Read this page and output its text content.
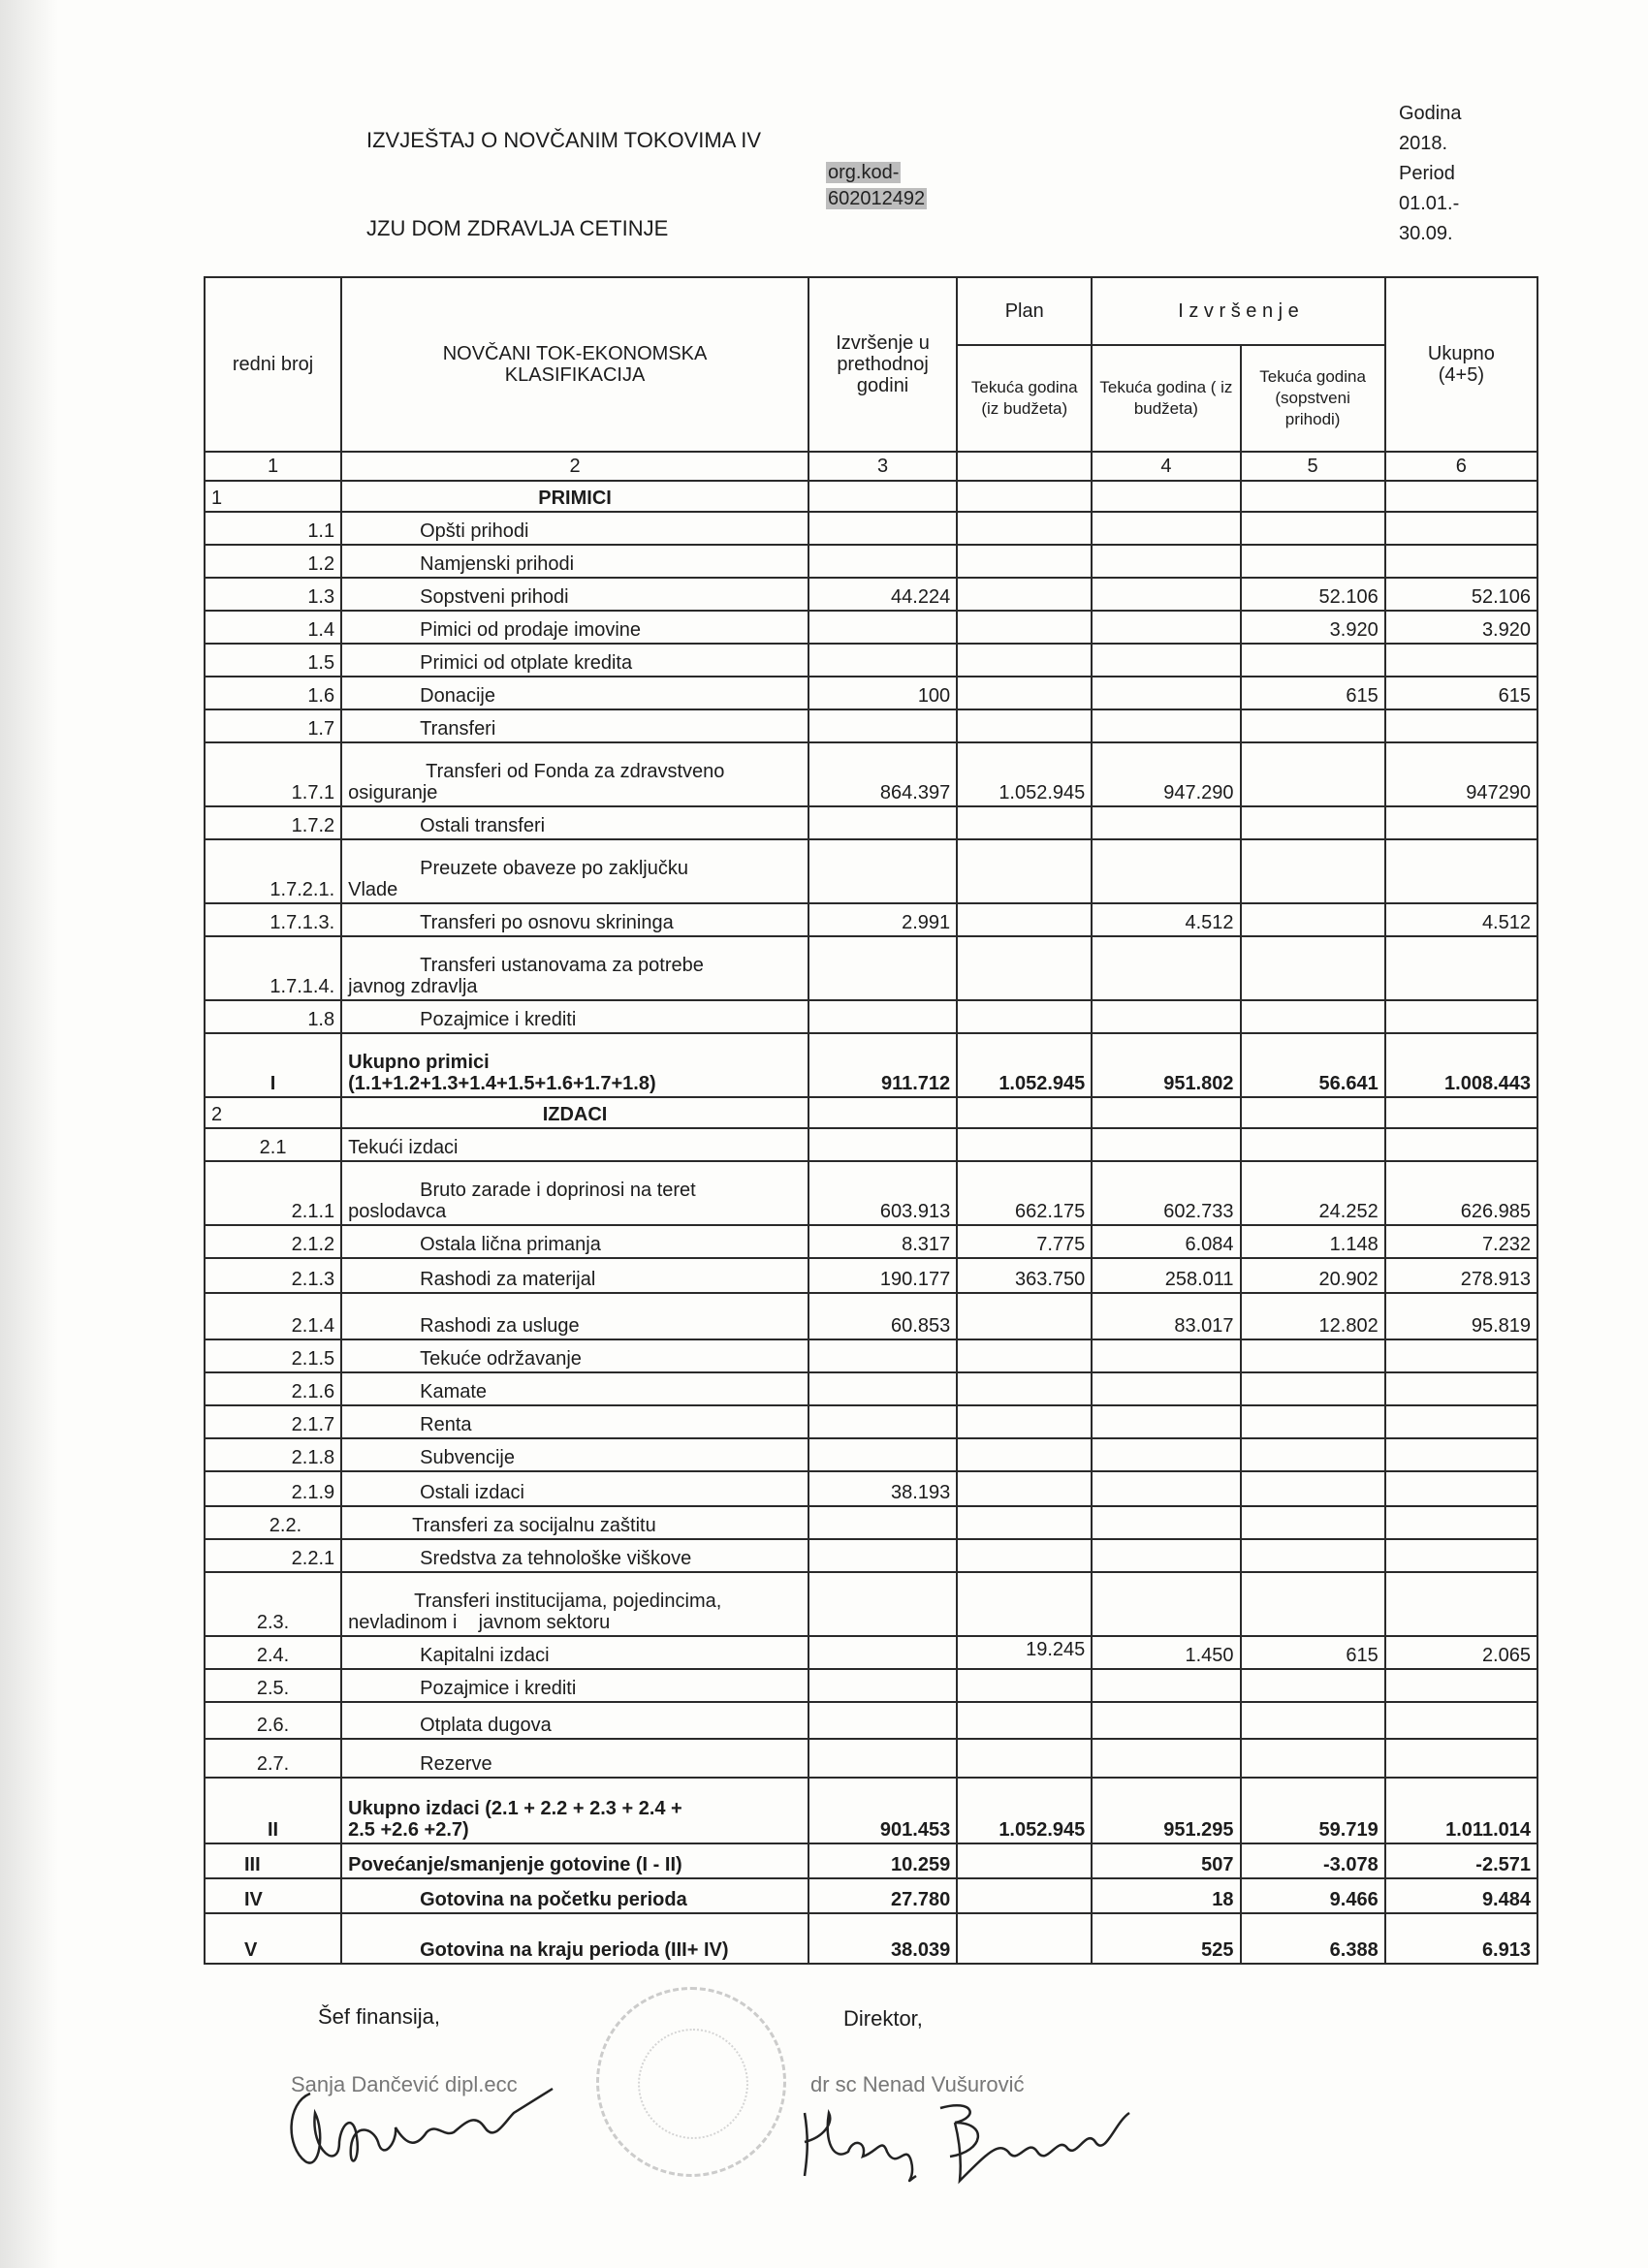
IZVJEŠTAJ O NOVČANIM TOKOVIMA IV
JZU DOM ZDRAVLJA CETINJE
org.kod-
602012492
Godina
2018.
Period
01.01.-
30.09.
redni broj	NOVČANI TOK-EKONOMSKA KLASIFIKACIJA	Izvršenje u prethodnoj godini	Plan	I z v r š e n j e		Ukupno (4+5)
			Tekuća godina (iz budžeta)	Tekuća godina ( iz budžeta)	Tekuća godina (sopstveni prihodi)	
1	2	3		4	5	6
1	PRIMICI					
1.1	Opšti prihodi					
1.2	Namjenski prihodi					
1.3	Sopstveni prihodi	44.224			52.106	52.106
1.4	Pimici od prodaje imovine				3.920	3.920
1.5	Primici od otplate kredita					
1.6	Donacije	100			615	615
1.7	Transferi					
1.7.1	Transferi od Fonda za zdravstveno
osiguranje	864.397	1.052.945	947.290		947290
1.7.2	Ostali transferi					
1.7.2.1.	Preuzete obaveze po zaključku
Vlade					

1.7.1.3.	Transferi po osnovu skrininga	2.991		4.512		4.512
1.7.1.4.	Transferi ustanovama za potrebe
javnog zdravlja					

1.8	Pozajmice i krediti					
I	Ukupno primici
(1.1+1.2+1.3+1.4+1.5+1.6+1.7+1.8)	911.712	1.052.945	951.802	56.641	1.008.443
2	IZDACI					
2.1	Tekući izdaci					
2.1.1	Bruto zarade i doprinosi na teret
poslodavca	603.913	662.175	602.733	24.252	626.985
2.1.2	Ostala lična primanja	8.317	7.775	6.084	1.148	7.232
2.1.3	Rashodi za materijal	190.177	363.750	258.011	20.902	278.913
2.1.4	Rashodi za usluge	60.853		83.017	12.802	95.819
2.1.5	Tekuće održavanje					
2.1.6	Kamate					
2.1.7	Renta					
2.1.8	Subvencije					
2.1.9	Ostali izdaci	38.193				
2.2.	Transferi za socijalnu zaštitu					
2.2.1	Sredstva za tehnološke viškove					
2.3.	Transferi institucijama, pojedincima,
nevladinom i    javnom sektoru					

2.4.	Kapitalni izdaci		19.245	1.450	615	2.065
2.5.	Pozajmice i krediti					
2.6.	Otplata dugova					
2.7.	Rezerve					
II	Ukupno izdaci (2.1 + 2.2 + 2.3 + 2.4 +
2.5 +2.6 +2.7)	901.453	1.052.945	951.295	59.719	1.011.014
III	Povećanje/smanjenje gotovine (I - II)	10.259		507	-3.078	-2.571
IV	Gotovina na početku perioda	27.780		18	9.466	9.484
V	Gotovina na kraju perioda (III+ IV)	38.039		525	6.388	6.913
Šef finansija,	Direktor,
Sanja Dančević dipl.ecc	dr sc Nenad Vušurović
